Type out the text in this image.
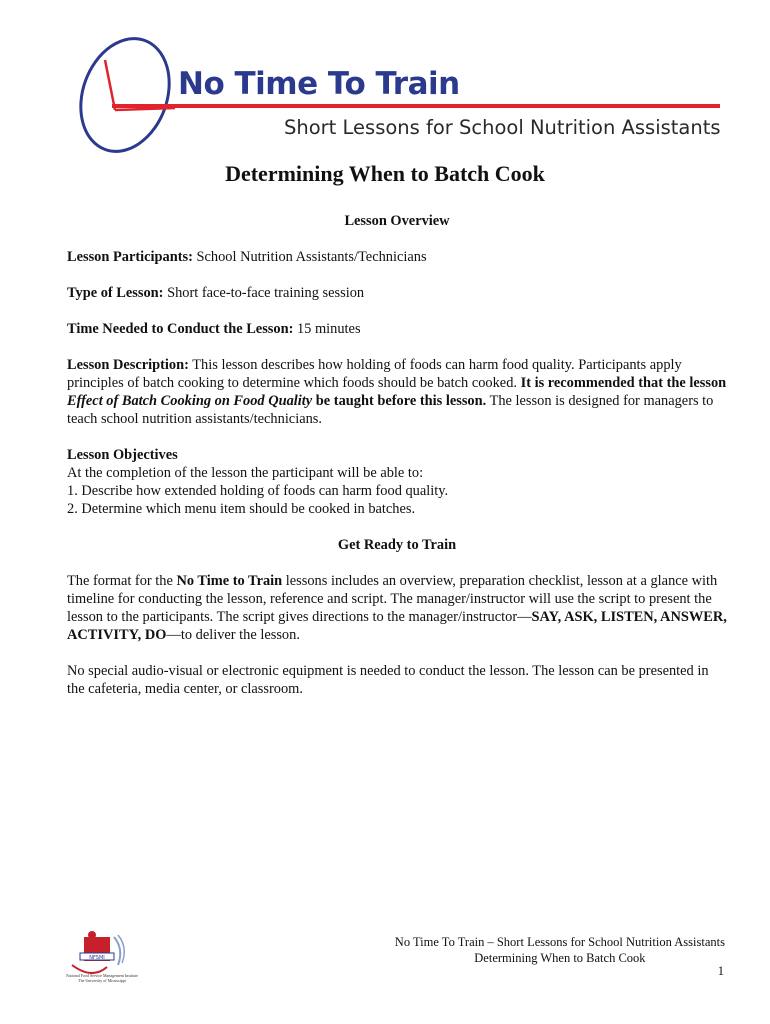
No Time To Train
Short Lessons for School Nutrition Assistants
Determining When to Batch Cook

Lesson Overview

Lesson Participants: School Nutrition Assistants/Technicians

Type of Lesson: Short face-to-face training session

Time Needed to Conduct the Lesson: 15 minutes

Lesson Description: This lesson describes how holding of foods can harm food quality. Participants apply principles of batch cooking to determine which foods should be batch cooked. It is recommended that the lesson Effect of Batch Cooking on Food Quality be taught before this lesson. The lesson is designed for managers to teach school nutrition assistants/technicians.

Lesson Objectives

At the completion of the lesson the participant will be able to:

1. Describe how extended holding of foods can harm food quality.

2. Determine which menu item should be cooked in batches.

Get Ready to Train

The format for the No Time to Train lessons includes an overview, preparation checklist, lesson at a glance with timeline for conducting the lesson, reference and script. The manager/instructor will use the script to present the lesson to the participants. The script gives directions to the manager/instructor—SAY, ASK, LISTEN, ANSWER, ACTIVITY, DO—to deliver the lesson.

No special audio-visual or electronic equipment is needed to conduct the lesson. The lesson can be presented in the cafeteria, media center, or classroom.

NFSMI
National Food Service Management Institute
The University of Mississippi
No Time To Train – Short Lessons for School Nutrition Assistants
Determining When to Batch Cook
1
